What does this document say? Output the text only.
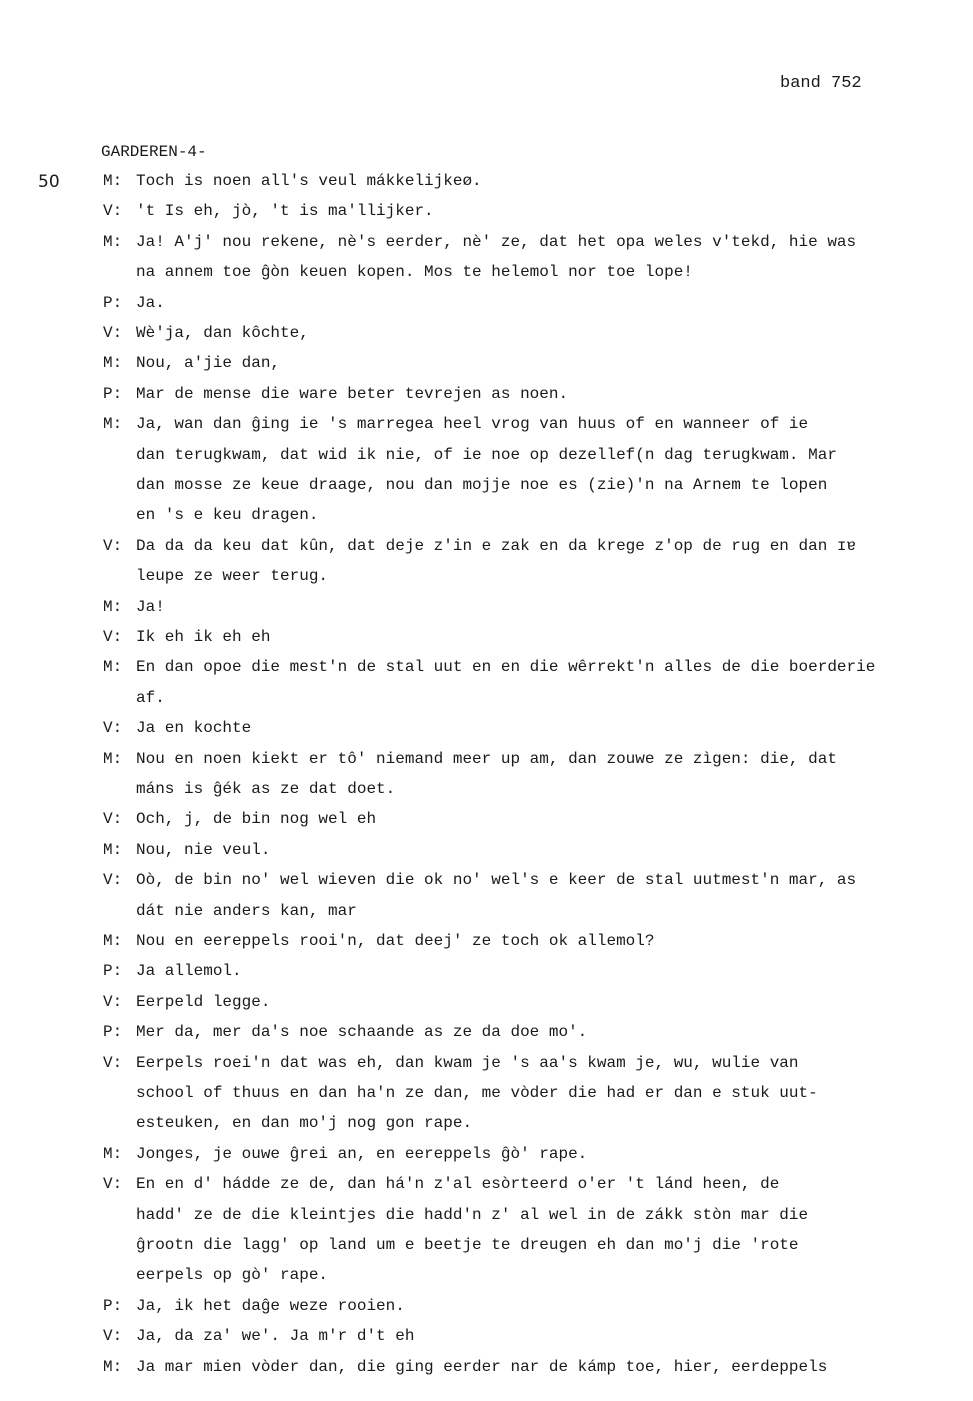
band 752
GARDEREN-4-
50	M: Toch is noen all's veul mákkelijkeø.
V: 't Is eh, jò, 't is ma'llijker.
M: Ja! A'j' nou rekene, nè's eerder, nè' ze, dat het opa weles v'tekd, hie was
na annem toe ĝòn keuen kopen. Mos te helemol nor toe lope!
P: Ja.
V: Wè'ja, dan kôchte,
M: Nou, a'jie dan,
P: Mar de mense die ware beter tevrejen as noen.
M: Ja, wan dan ĝing ie 's marregea heel vrog van huus of en wanneer of ie
dan terugkwam, dat wid ik nie, of ie noe op dezellef(n dag terugkwam. Mar
dan mosse ze keue draage, nou dan mojje noe es (zie)'n na Arnem te lopen
en 's e keu dragen.
V: Da da da keu dat kûn, dat deje z'in e zak en da krege z'op de rug en dan ɪɐ
leupe ze weer terug.
M: Ja!
V: Ik eh ik eh eh
M: En dan opoe die mest'n de stal uut en en die wêrrekt'n alles de die boerderie
af.
V: Ja en kochte
M: Nou en noen kiekt er tô' niemand meer up am, dan zouwe ze zìgen: die, dat
máns is ĝék as ze dat doet.
V: Och, j, de bin nog wel eh
M: Nou, nie veul.
V: Oò, de bin no' wel wieven die ok no' wel's e keer de stal uutmest'n mar, as
dát nie anders kan, mar
M: Nou en eereppels rooi'n, dat deej' ze toch ok allemol?
P: Ja allemol.
V: Eerpeld legge.
P: Mer da, mer da's noe schaande as ze da doe mo'.
V: Eerpels roei'n dat was eh, dan kwam je 's aa's kwam je, wu, wulie van
school of thuus en dan ha'n ze dan, me vòder die had er dan e stuk uut-
esteuken, en dan mo'j nog gon rape.
M: Jonges, je ouwe ĝrei an, en eereppels ĝò' rape.
V: En en d' hádde ze de, dan há'n z'al esòrteerd o'er 't lánd heen, de
hadd' ze de die kleintjes die hadd'n z' al wel in de zákk stòn mar die
ĝrootn die lagg' op land um e beetje te dreugen eh dan mo'j die 'rote
eerpels op gò' rape.
P: Ja, ik het daĝe weze rooien.
V: Ja, da za' we'. Ja m'r d't eh
M: Ja mar mien vòder dan, die ging eerder nar de kámp toe, hier, eerdeppels
